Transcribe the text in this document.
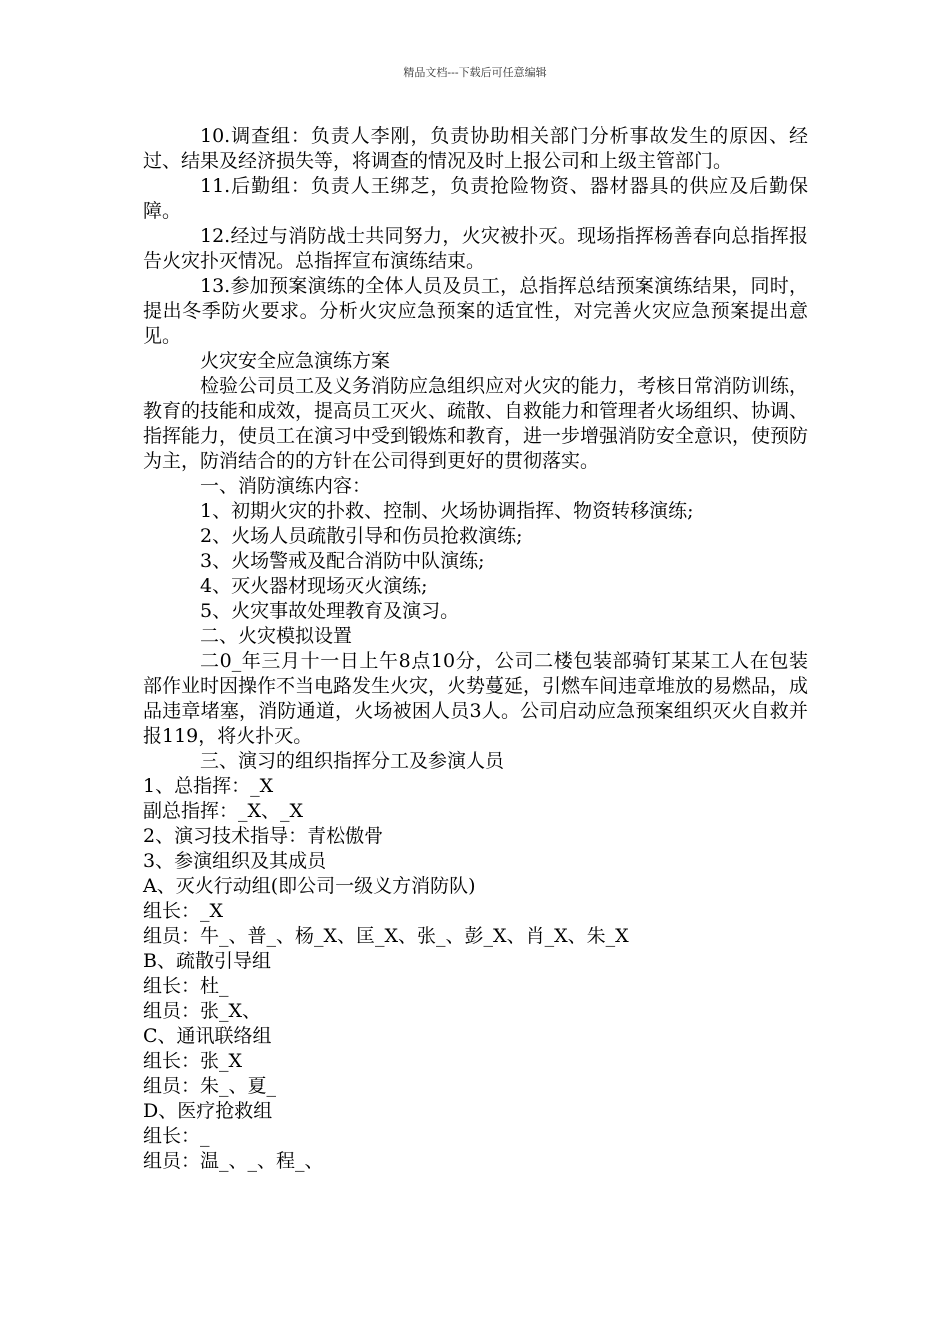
精品文档---下载后可任意编辑

10.调查组：负责人李刚，负责协助相关部门分析事故发生的原因、经过、结果及经济损失等，将调查的情况及时上报公司和上级主管部门。

11.后勤组：负责人王绑芝，负责抢险物资、器材器具的供应及后勤保障。

12.经过与消防战士共同努力，火灾被扑灭。现场指挥杨善春向总指挥报告火灾扑灭情况。总指挥宣布演练结束。

13.参加预案演练的全体人员及员工，总指挥总结预案演练结果，同时，提出冬季防火要求。分析火灾应急预案的适宜性，对完善火灾应急预案提出意见。

火灾安全应急演练方案

检验公司员工及义务消防应急组织应对火灾的能力，考核日常消防训练，教育的技能和成效，提高员工灭火、疏散、自救能力和管理者火场组织、协调、指挥能力，使员工在演习中受到锻炼和教育，进一步增强消防安全意识，使预防为主，防消结合的的方针在公司得到更好的贯彻落实。

一、消防演练内容：

1、初期火灾的扑救、控制、火场协调指挥、物资转移演练;

2、火场人员疏散引导和伤员抢救演练;

3、火场警戒及配合消防中队演练;

4、灭火器材现场灭火演练;

5、火灾事故处理教育及演习。

二、火灾模拟设置

二0_年三月十一日上午8点10分，公司二楼包装部骑钉某某工人在包装部作业时因操作不当电路发生火灾，火势蔓延，引燃车间违章堆放的易燃品，成品违章堵塞，消防通道，火场被困人员3人。公司启动应急预案组织灭火自救并报119，将火扑灭。

三、演习的组织指挥分工及参演人员

1、总指挥：_X

副总指挥：_X、_X

2、演习技术指导：青松傲骨

3、参演组织及其成员

A、灭火行动组(即公司一级义方消防队)

组长：_X

组员：牛_、普_、杨_X、匡_X、张_、彭_X、肖_X、朱_X

B、疏散引导组

组长：杜_

组员：张_X、

C、通讯联络组

组长：张_X

组员：朱_、夏_

D、医疗抢救组

组长：_

组员：温_、_、程_、
